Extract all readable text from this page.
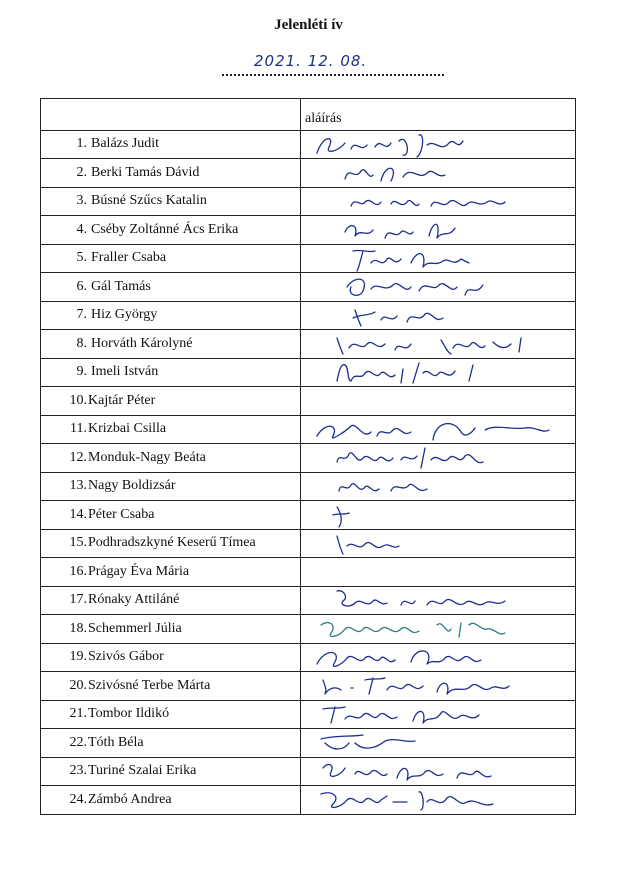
Jelenléti ív
2021. 12. 08.
	aláírás
1. Balázs Judit	

2. Berki Tamás Dávid	

3. Búsné Szűcs Katalin	

4. Cséby Zoltánné Ács Erika	

5. Fraller Csaba	

6. Gál Tamás	

7. Hiz György	

8. Horváth Károlyné	

9. Imeli István	

10.Kajtár Péter	
11.Krizbai Csilla	

12.Monduk-Nagy Beáta	

13.Nagy Boldizsár	

14.Péter Csaba	

15.Podhradszkyné Keserű Tímea	

16.Prágay Éva Mária	
17.Rónaky Attiláné	

18.Schemmerl Júlia	

19.Szivós Gábor	

20.Szivósné Terbe Márta	

21.Tombor Ildikó	

22.Tóth Béla	

23.Turiné Szalai Erika	

24.Zámbó Andrea	
